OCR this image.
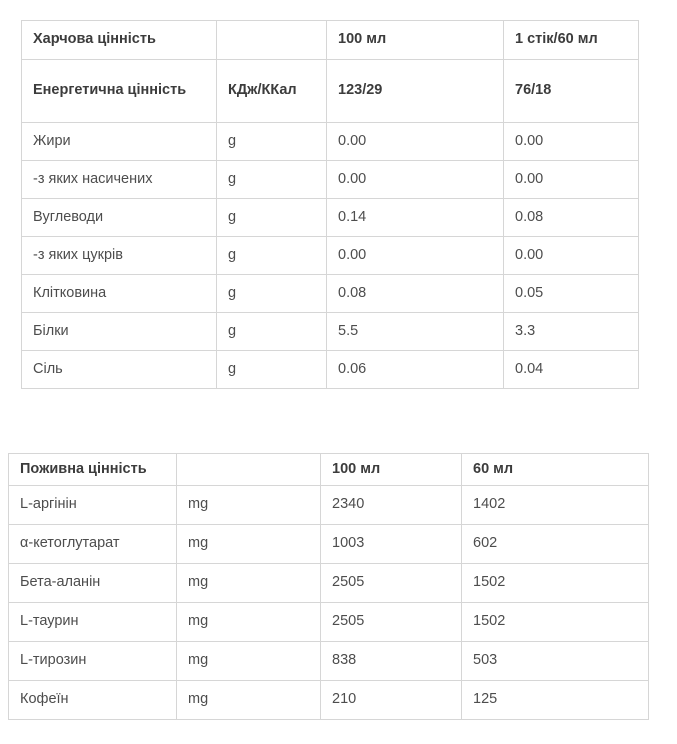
Харчова цінність		100 мл	1 стік/60 мл
Енергетична цінність	КДж/ККал	123/29	76/18
Жири	g	0.00	0.00
-з яких насичених	g	0.00	0.00
Вуглеводи	g	0.14	0.08
-з яких цукрів	g	0.00	0.00
Клітковина	g	0.08	0.05
Білки	g	5.5	3.3
Сіль	g	0.06	0.04
Поживна цінність		100 мл	60 мл
L-аргінін	mg	2340	1402
α-кетоглутарат	mg	1003	602
Бета-аланін	mg	2505	1502
L-таурин	mg	2505	1502
L-тирозин	mg	838	503
Кофеїн	mg	210	125
